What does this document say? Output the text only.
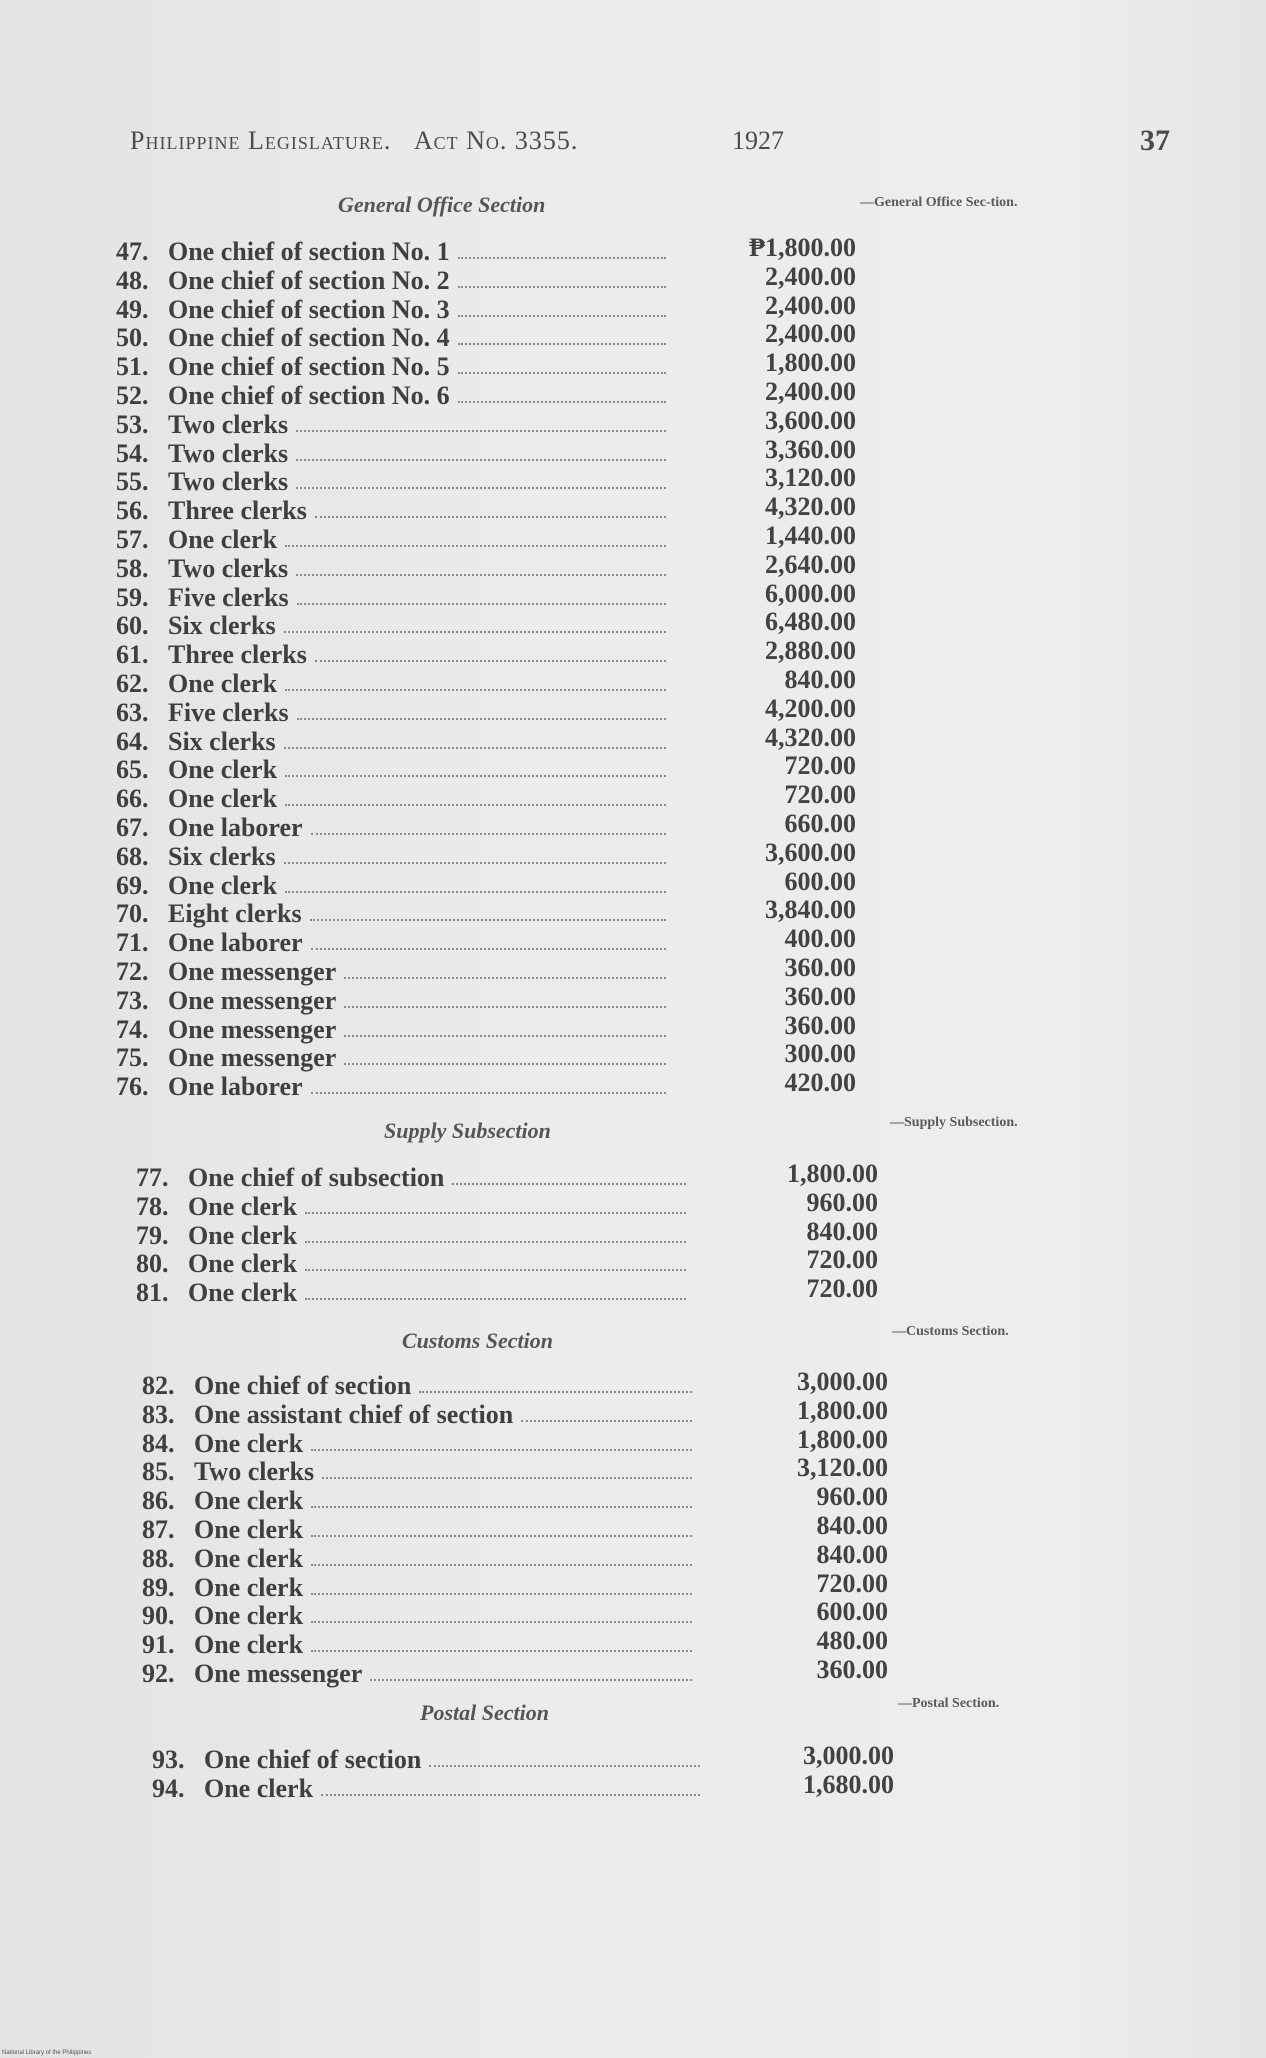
Philippine Legislature. Act No. 3355.	1927	37
General Office Section	—General Office Sec-tion.
47. One chief of section No. 1	₱1,800.00
48. One chief of section No. 2	2,400.00
49. One chief of section No. 3	2,400.00
50. One chief of section No. 4	2,400.00
51. One chief of section No. 5	1,800.00
52. One chief of section No. 6	2,400.00
53. Two clerks	3,600.00
54. Two clerks	3,360.00
55. Two clerks	3,120.00
56. Three clerks	4,320.00
57. One clerk	1,440.00
58. Two clerks	2,640.00
59. Five clerks	6,000.00
60. Six clerks	6,480.00
61. Three clerks	2,880.00
62. One clerk	840.00
63. Five clerks	4,200.00
64. Six clerks	4,320.00
65. One clerk	720.00
66. One clerk	720.00
67. One laborer	660.00
68. Six clerks	3,600.00
69. One clerk	600.00
70. Eight clerks	3,840.00
71. One laborer	400.00
72. One messenger	360.00
73. One messenger	360.00
74. One messenger	360.00
75. One messenger	300.00
76. One laborer	420.00
Supply Subsection	—Supply Subsection.
77. One chief of subsection	1,800.00
78. One clerk	960.00
79. One clerk	840.00
80. One clerk	720.00
81. One clerk	720.00
Customs Section	—Customs Section.
82. One chief of section	3,000.00
83. One assistant chief of section	1,800.00
84. One clerk	1,800.00
85. Two clerks	3,120.00
86. One clerk	960.00
87. One clerk	840.00
88. One clerk	840.00
89. One clerk	720.00
90. One clerk	600.00
91. One clerk	480.00
92. One messenger	360.00
Postal Section	—Postal Section.
93. One chief of section	3,000.00
94. One clerk	1,680.00
National Library of the Philippines
